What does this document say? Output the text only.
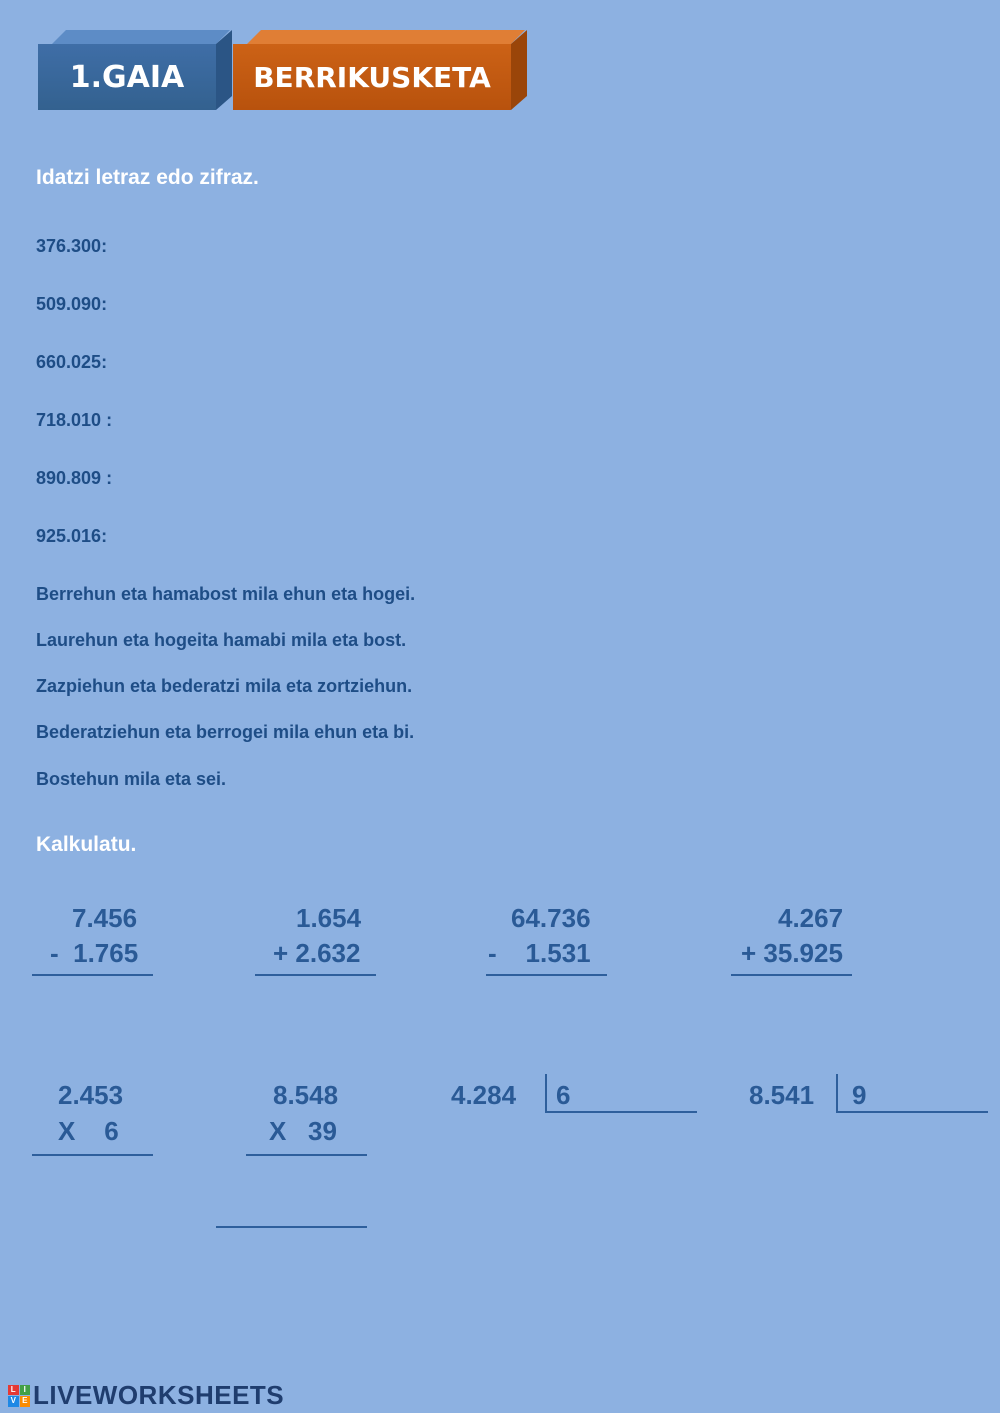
1.GAIA	BERRIKUSKETA
Idatzi letraz edo zifraz.
376.300:
509.090:
660.025:
718.010 :
890.809 :
925.016:
Berrehun eta hamabost mila ehun eta hogei.
Laurehun eta hogeita hamabi mila eta bost.
Zazpiehun eta bederatzi mila eta zortziehun.
Bederatziehun eta berrogei mila ehun eta bi.
Bostehun mila eta sei.
Kalkulatu.
7.456
-  1.765
1.654
+ 2.632
64.736
-    1.531
4.267
+ 35.925
2.453
X    6
8.548
X   39
4.284 6	8.541 9
L I
V E LIVEWORKSHEETS
